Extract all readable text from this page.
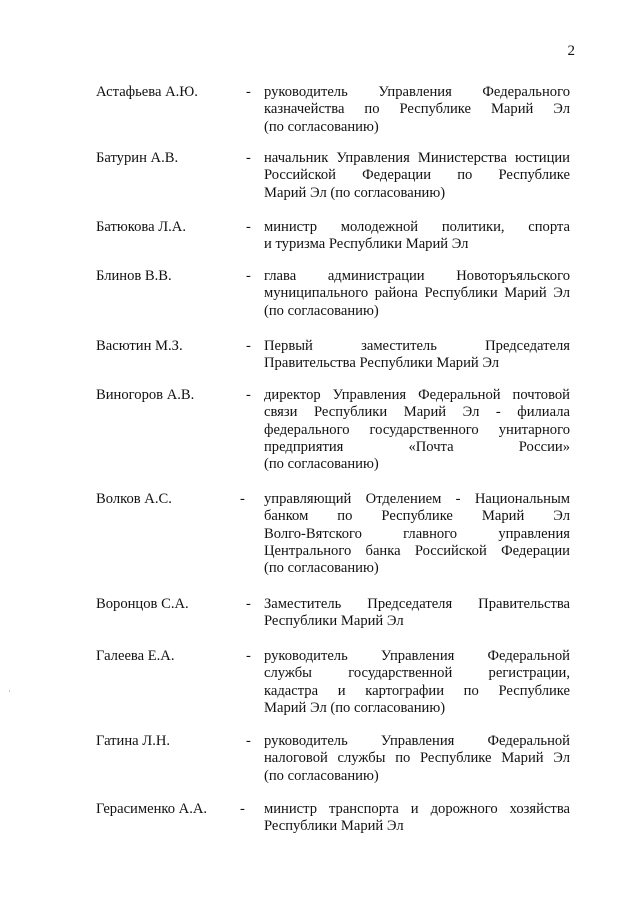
2
Астафьева А.Ю.	- руководитель Управления Федерального
казначейства по Республике Марий Эл
(по согласованию)
Батурин А.В.	- начальник Управления Министерства юстиции
Российской Федерации по Республике
Марий Эл (по согласованию)
Батюкова Л.А.	- министр молодежной политики, спорта
и туризма Республики Марий Эл
Блинов В.В.	- глава администрации Новоторъяльского
муниципального района Республики Марий Эл
(по согласованию)
Васютин М.З.	- Первый заместитель Председателя
Правительства Республики Марий Эл
Виногоров А.В.	- директор Управления Федеральной почтовой
связи Республики Марий Эл - филиала
федерального государственного унитарного
предприятия «Почта России»
(по согласованию)
Волков А.С.	- управляющий Отделением - Национальным
банком по Республике Марий Эл
Волго-Вятского главного управления
Центрального банка Российской Федерации
(по согласованию)
Воронцов С.А.	- Заместитель Председателя Правительства
Республики Марий Эл
Галеева Е.А.	- руководитель Управления Федеральной
службы государственной регистрации,
кадастра и картографии по Республике
Марий Эл (по согласованию)
Гатина Л.Н.	- руководитель Управления Федеральной
налоговой службы по Республике Марий Эл
(по согласованию)
Герасименко А.А. - министр транспорта и дорожного хозяйства
Республики Марий Эл
